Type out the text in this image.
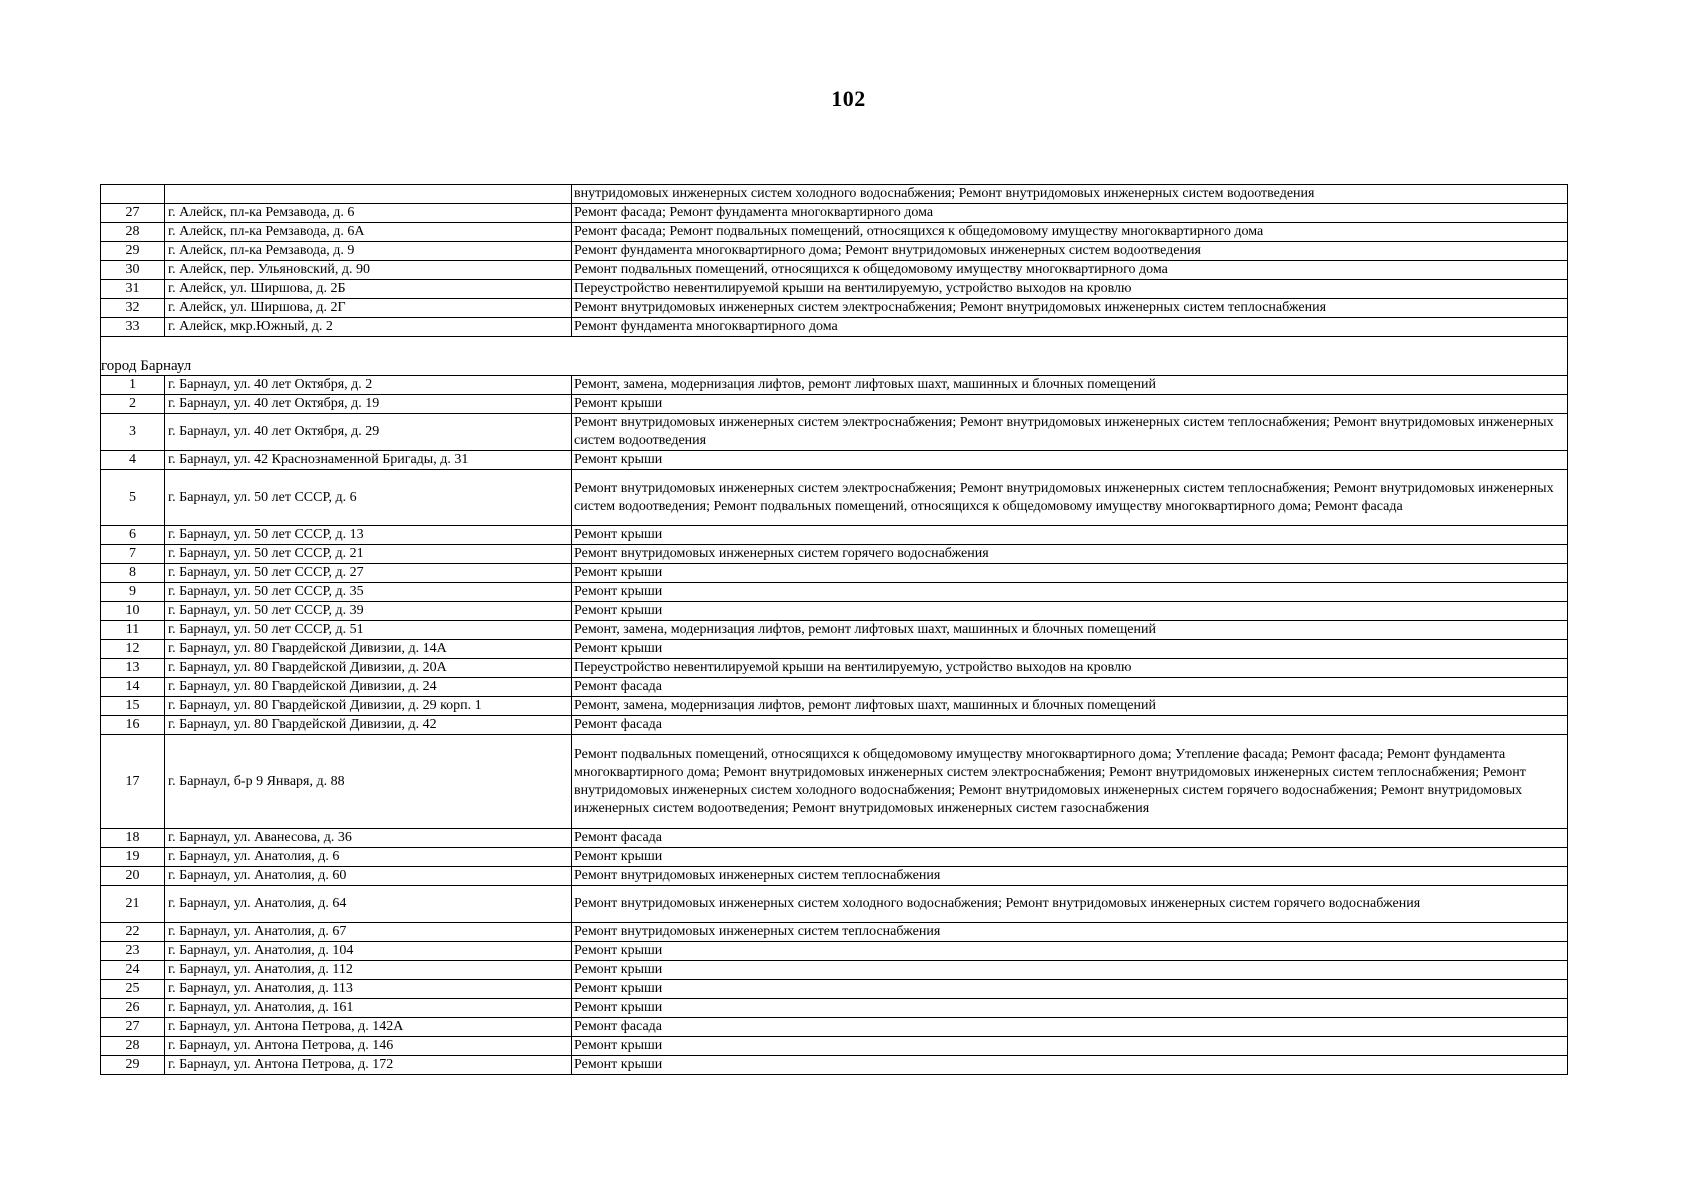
102
		внутридомовых инженерных систем холодного водоснабжения; Ремонт внутридомовых инженерных систем водоотведения
27	г. Алейск, пл-ка Ремзавода, д. 6	Ремонт фасада; Ремонт фундамента многоквартирного дома
28	г. Алейск, пл-ка Ремзавода, д. 6А	Ремонт фасада; Ремонт подвальных помещений, относящихся к общедомовому имуществу многоквартирного дома
29	г. Алейск, пл-ка Ремзавода, д. 9	Ремонт фундамента многоквартирного дома; Ремонт внутридомовых инженерных систем водоотведения
30	г. Алейск, пер. Ульяновский, д. 90	Ремонт подвальных помещений, относящихся к общедомовому имуществу многоквартирного дома
31	г. Алейск, ул. Ширшова, д. 2Б	Переустройство невентилируемой крыши на вентилируемую, устройство выходов на кровлю
32	г. Алейск, ул. Ширшова, д. 2Г	Ремонт внутридомовых инженерных систем электроснабжения; Ремонт внутридомовых инженерных систем теплоснабжения
33	г. Алейск, мкр.Южный, д. 2	Ремонт фундамента многоквартирного дома
город Барнаул		
1	г. Барнаул, ул. 40 лет Октября, д. 2	Ремонт, замена, модернизация лифтов, ремонт лифтовых шахт, машинных и блочных помещений
2	г. Барнаул, ул. 40 лет Октября, д. 19	Ремонт крыши
3	г. Барнаул, ул. 40 лет Октября, д. 29	Ремонт внутридомовых инженерных систем электроснабжения; Ремонт внутридомовых инженерных систем теплоснабжения; Ремонт внутридомовых инженерных систем водоотведения
4	г. Барнаул, ул. 42 Краснознаменной Бригады, д. 31	Ремонт крыши
5	г. Барнаул, ул. 50 лет СССР, д. 6	Ремонт внутридомовых инженерных систем электроснабжения; Ремонт внутридомовых инженерных систем теплоснабжения; Ремонт внутридомовых инженерных систем водоотведения; Ремонт подвальных помещений, относящихся к общедомовому имуществу многоквартирного дома; Ремонт фасада
6	г. Барнаул, ул. 50 лет СССР, д. 13	Ремонт крыши
7	г. Барнаул, ул. 50 лет СССР, д. 21	Ремонт внутридомовых инженерных систем горячего водоснабжения
8	г. Барнаул, ул. 50 лет СССР, д. 27	Ремонт крыши
9	г. Барнаул, ул. 50 лет СССР, д. 35	Ремонт крыши
10	г. Барнаул, ул. 50 лет СССР, д. 39	Ремонт крыши
11	г. Барнаул, ул. 50 лет СССР, д. 51	Ремонт, замена, модернизация лифтов, ремонт лифтовых шахт, машинных и блочных помещений
12	г. Барнаул, ул. 80 Гвардейской Дивизии, д. 14А	Ремонт крыши
13	г. Барнаул, ул. 80 Гвардейской Дивизии, д. 20А	Переустройство невентилируемой крыши на вентилируемую, устройство выходов на кровлю
14	г. Барнаул, ул. 80 Гвардейской Дивизии, д. 24	Ремонт фасада
15	г. Барнаул, ул. 80 Гвардейской Дивизии, д. 29 корп. 1	Ремонт, замена, модернизация лифтов, ремонт лифтовых шахт, машинных и блочных помещений
16	г. Барнаул, ул. 80 Гвардейской Дивизии, д. 42	Ремонт фасада
17	г. Барнаул, б-р 9 Января, д. 88	Ремонт подвальных помещений, относящихся к общедомовому имуществу многоквартирного дома; Утепление фасада; Ремонт фасада; Ремонт фундамента многоквартирного дома; Ремонт внутридомовых инженерных систем электроснабжения; Ремонт внутридомовых инженерных систем теплоснабжения; Ремонт внутридомовых инженерных систем холодного водоснабжения; Ремонт внутридомовых инженерных систем горячего водоснабжения; Ремонт внутридомовых инженерных систем водоотведения; Ремонт внутридомовых инженерных систем газоснабжения
18	г. Барнаул, ул. Аванесова, д. 36	Ремонт фасада
19	г. Барнаул, ул. Анатолия, д. 6	Ремонт крыши
20	г. Барнаул, ул. Анатолия, д. 60	Ремонт внутридомовых инженерных систем теплоснабжения
21	г. Барнаул, ул. Анатолия, д. 64	Ремонт внутридомовых инженерных систем холодного водоснабжения; Ремонт внутридомовых инженерных систем горячего водоснабжения
22	г. Барнаул, ул. Анатолия, д. 67	Ремонт внутридомовых инженерных систем теплоснабжения
23	г. Барнаул, ул. Анатолия, д. 104	Ремонт крыши
24	г. Барнаул, ул. Анатолия, д. 112	Ремонт крыши
25	г. Барнаул, ул. Анатолия, д. 113	Ремонт крыши
26	г. Барнаул, ул. Анатолия, д. 161	Ремонт крыши
27	г. Барнаул, ул. Антона Петрова, д. 142А	Ремонт фасада
28	г. Барнаул, ул. Антона Петрова, д. 146	Ремонт крыши
29	г. Барнаул, ул. Антона Петрова, д. 172	Ремонт крыши
